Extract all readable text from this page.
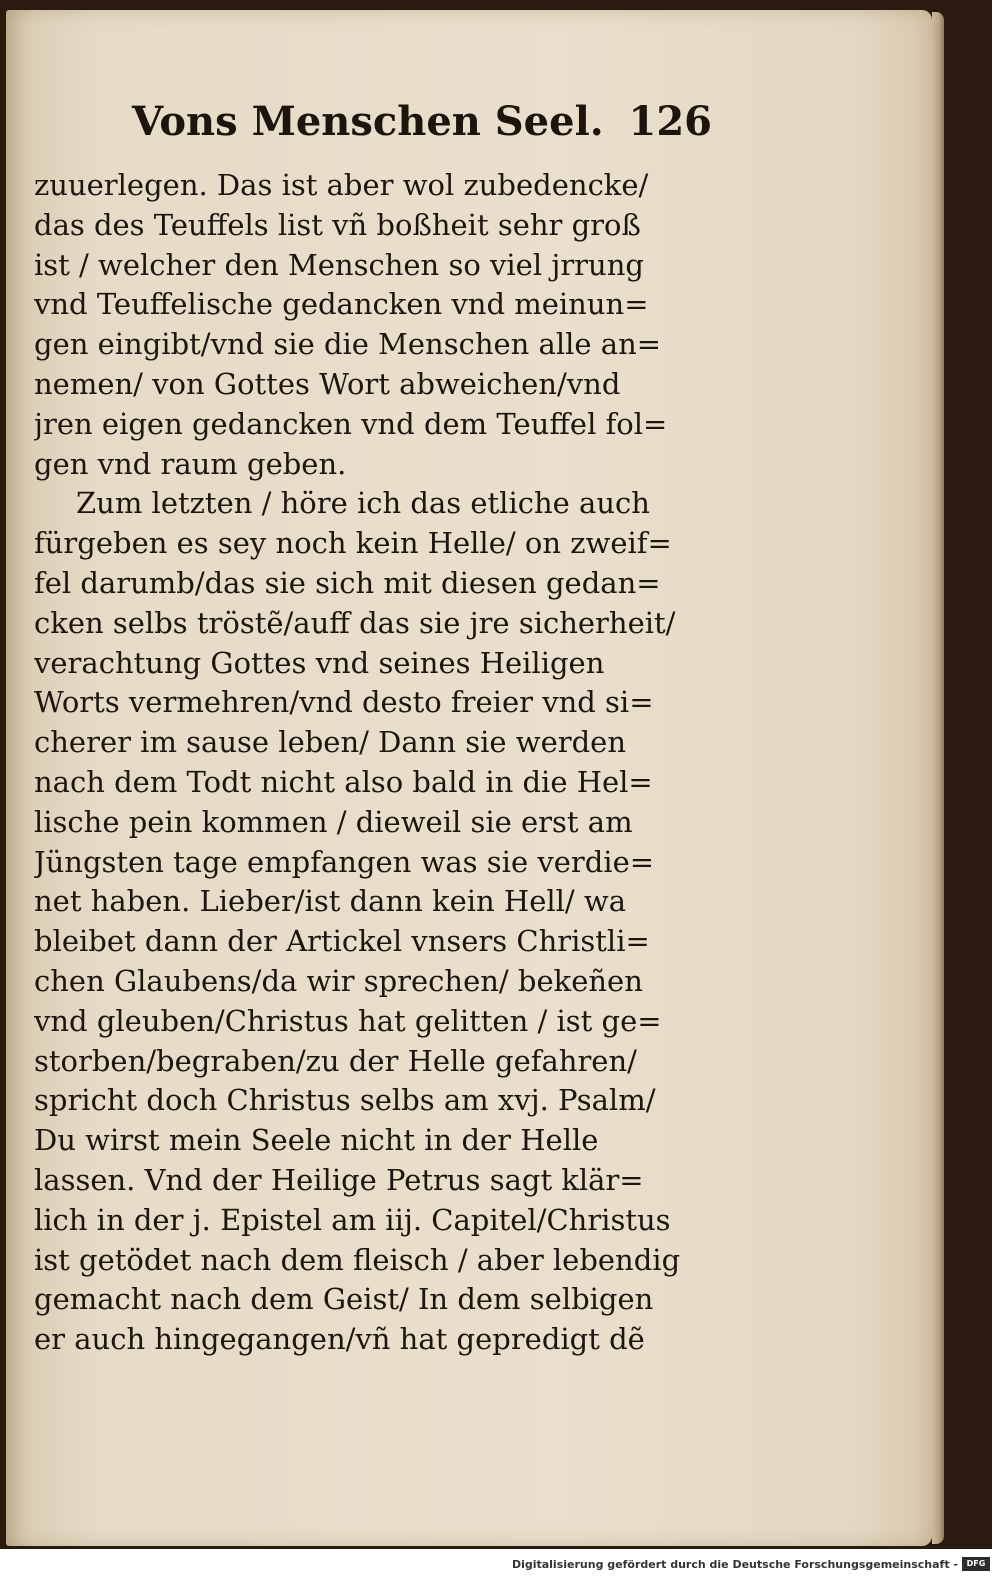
Vons Menschen Seel. 126
zuuerlegen. Das ist aber wol zubedencke/
das des Teuffels list vñ boßheit sehr groß
ist / welcher den Menschen so viel jrrung
vnd Teuffelische gedancken vnd meinun=
gen eingibt/vnd sie die Menschen alle an=
nemen/ von Gottes Wort abweichen/vnd
jren eigen gedancken vnd dem Teuffel fol=
gen vnd raum geben.
Zum letzten / höre ich das etliche auch
fürgeben es sey noch kein Helle/ on zweif=
fel darumb/das sie sich mit diesen gedan=
cken selbs tröstẽ/auff das sie jre sicherheit/
verachtung Gottes vnd seines Heiligen
Worts vermehren/vnd desto freier vnd si=
cherer im sause leben/ Dann sie werden
nach dem Todt nicht also bald in die Hel=
lische pein kommen / dieweil sie erst am
Jüngsten tage empfangen was sie verdie=
net haben. Lieber/ist dann kein Hell/ wa
bleibet dann der Artickel vnsers Christli=
chen Glaubens/da wir sprechen/ bekeñen
vnd gleuben/Christus hat gelitten / ist ge=
storben/begraben/zu der Helle gefahren/
spricht doch Christus selbs am xvj. Psalm/
Du wirst mein Seele nicht in der Helle
lassen. Vnd der Heilige Petrus sagt klär=
lich in der j. Epistel am iij. Capitel/Christus
ist getödet nach dem fleisch / aber lebendig
gemacht nach dem Geist/ In dem selbigen
er auch hingegangen/vñ hat gepredigt dẽ
Digitalisierung gefördert durch die Deutsche Forschungsgemeinschaft -	DFG
